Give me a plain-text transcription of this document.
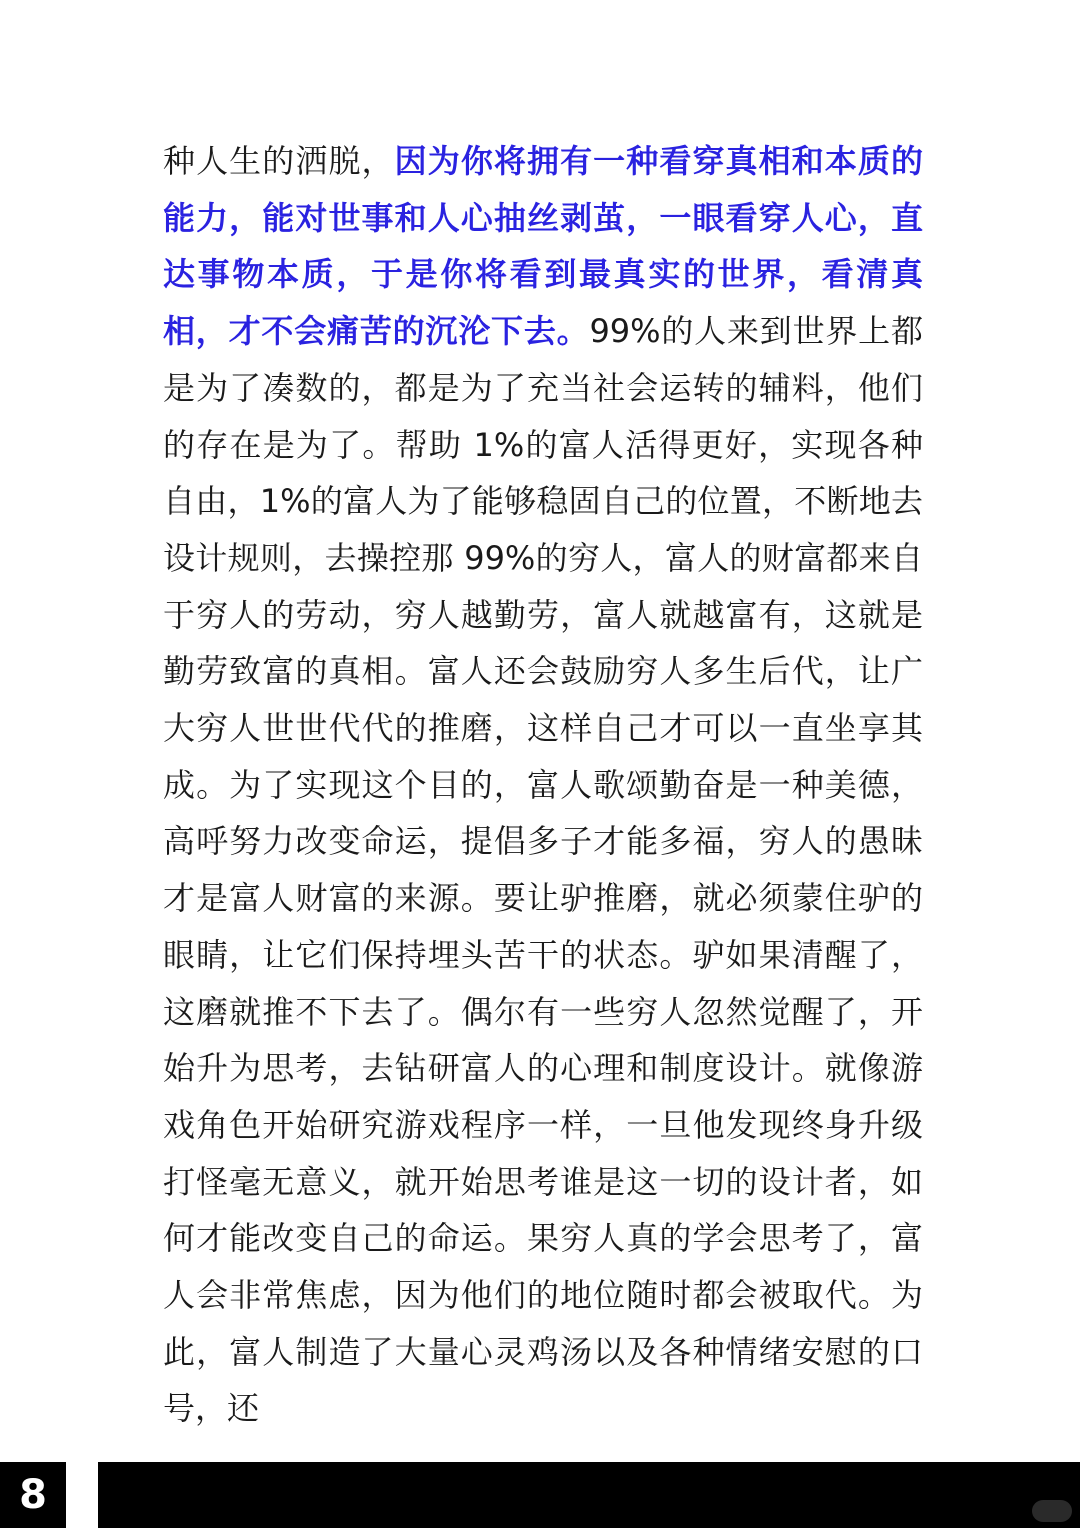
种人生的洒脱，因为你将拥有一种看穿真相和本质的能力，能对世事和人心抽丝剥茧，一眼看穿人心，直达事物本质，于是你将看到最真实的世界，看清真相，才不会痛苦的沉沦下去。99%的人来到世界上都是为了凑数的，都是为了充当社会运转的辅料，他们的存在是为了。帮助 1%的富人活得更好，实现各种自由，1%的富人为了能够稳固自己的位置，不断地去设计规则，去操控那 99%的穷人，富人的财富都来自于穷人的劳动，穷人越勤劳，富人就越富有，这就是勤劳致富的真相。富人还会鼓励穷人多生后代，让广大穷人世世代代的推磨，这样自己才可以一直坐享其成。为了实现这个目的，富人歌颂勤奋是一种美德，高呼努力改变命运，提倡多子才能多福，穷人的愚昧才是富人财富的来源。要让驴推磨，就必须蒙住驴的眼睛，让它们保持埋头苦干的状态。驴如果清醒了，这磨就推不下去了。偶尔有一些穷人忽然觉醒了，开始升为思考，去钻研富人的心理和制度设计。就像游戏角色开始研究游戏程序一样，一旦他发现终身升级打怪毫无意义，就开始思考谁是这一切的设计者，如何才能改变自己的命运。果穷人真的学会思考了，富人会非常焦虑，因为他们的地位随时都会被取代。为此，富人制造了大量心灵鸡汤以及各种情绪安慰的口号，还

8
